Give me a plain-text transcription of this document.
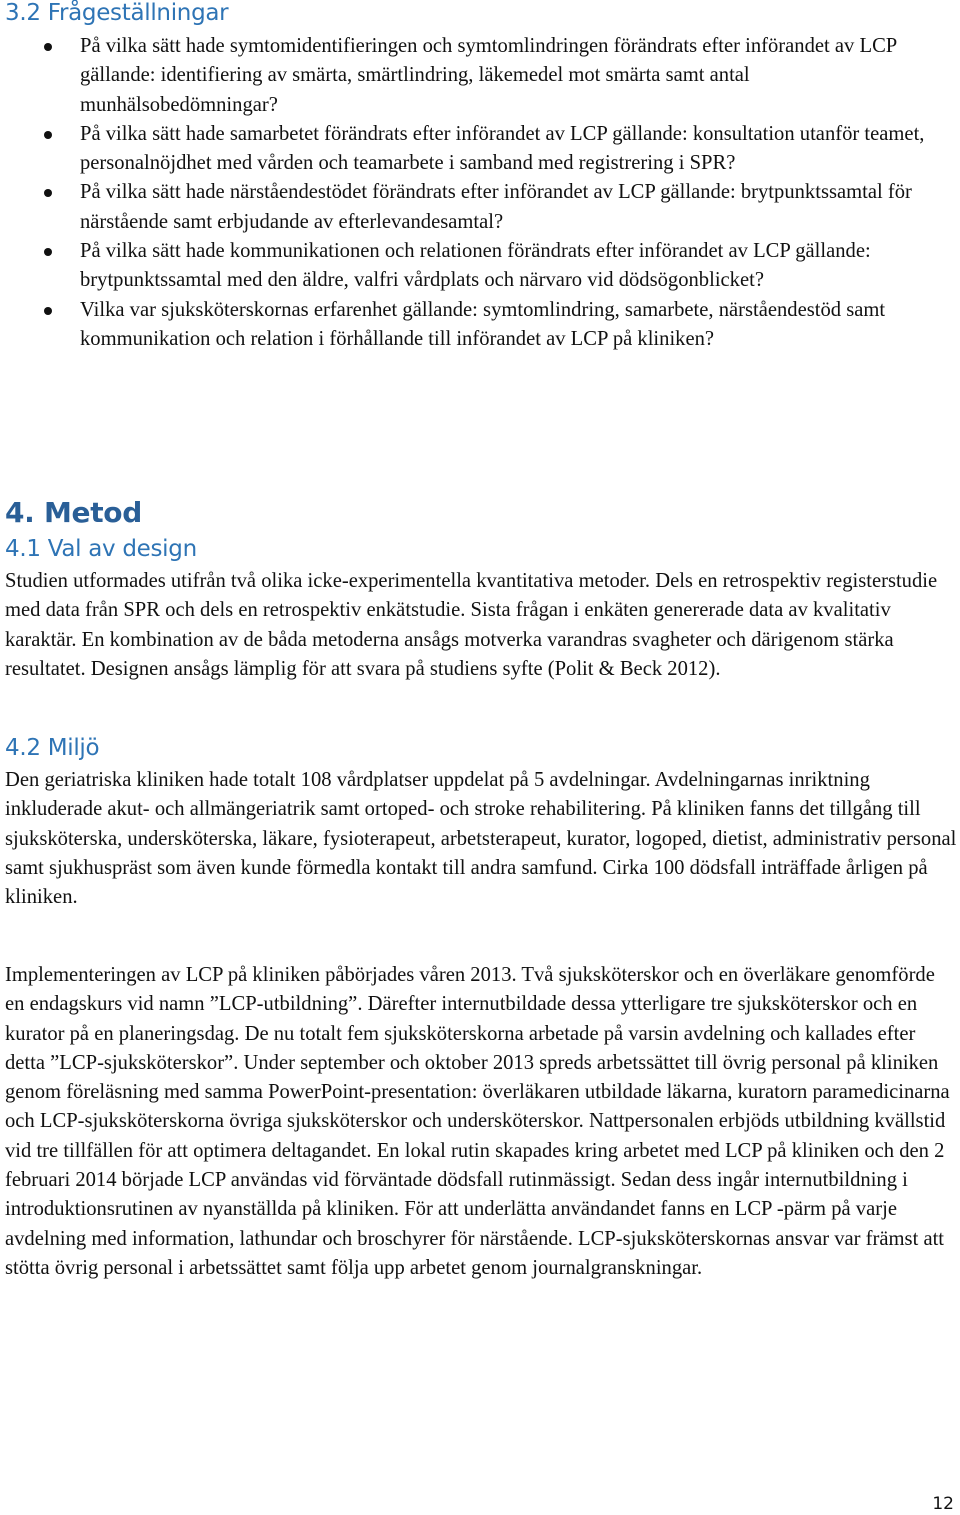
3.2 Frågeställningar
På vilka sätt hade symtomidentifieringen och symtomlindringen förändrats efter införandet av LCP gällande: identifiering av smärta, smärtlindring, läkemedel mot smärta samt antal munhälsobedömningar?
På vilka sätt hade samarbetet förändrats efter införandet av LCP gällande: konsultation utanför teamet, personalnöjdhet med vården och teamarbete i samband med registrering i SPR?
På vilka sätt hade närståendestödet förändrats efter införandet av LCP gällande: brytpunktssamtal för närstående samt erbjudande av efterlevandesamtal?
På vilka sätt hade kommunikationen och relationen förändrats efter införandet av LCP gällande: brytpunktssamtal med den äldre, valfri vårdplats och närvaro vid dödsögonblicket?
Vilka var sjuksköterskornas erfarenhet gällande: symtomlindring, samarbete, närståendestöd samt kommunikation och relation i förhållande till införandet av LCP på kliniken?
4. Metod
4.1 Val av design

Studien utformades utifrån två olika icke-experimentella kvantitativa metoder. Dels en retrospektiv registerstudie med data från SPR och dels en retrospektiv enkätstudie. Sista frågan i enkäten genererade data av kvalitativ karaktär. En kombination av de båda metoderna ansågs motverka varandras svagheter och därigenom stärka resultatet. Designen ansågs lämplig för att svara på studiens syfte (Polit & Beck 2012).

4.2 Miljö

Den geriatriska kliniken hade totalt 108 vårdplatser uppdelat på 5 avdelningar. Avdelningarnas inriktning inkluderade akut- och allmängeriatrik samt ortoped- och stroke rehabilitering. På kliniken fanns det tillgång till sjuksköterska, undersköterska, läkare, fysioterapeut, arbetsterapeut, kurator, logoped, dietist, administrativ personal samt sjukhuspräst som även kunde förmedla kontakt till andra samfund. Cirka 100 dödsfall inträffade årligen på kliniken.

Implementeringen av LCP på kliniken påbörjades våren 2013. Två sjuksköterskor och en överläkare genomförde en endagskurs vid namn ”LCP-utbildning”. Därefter internutbildade dessa ytterligare tre sjuksköterskor och en kurator på en planeringsdag. De nu totalt fem sjuksköterskorna arbetade på varsin avdelning och kallades efter detta ”LCP-sjuksköterskor”. Under september och oktober 2013 spreds arbetssättet till övrig personal på kliniken genom föreläsning med samma PowerPoint-presentation: överläkaren utbildade läkarna, kuratorn paramedicinarna och LCP-sjuksköterskorna övriga sjuksköterskor och undersköterskor. Nattpersonalen erbjöds utbildning kvällstid vid tre tillfällen för att optimera deltagandet. En lokal rutin skapades kring arbetet med LCP på kliniken och den 2 februari 2014 började LCP användas vid förväntade dödsfall rutinmässigt. Sedan dess ingår internutbildning i introduktionsrutinen av nyanställda på kliniken. För att underlätta användandet fanns en LCP -pärm på varje avdelning med information, lathundar och broschyrer för närstående. LCP-sjuksköterskornas ansvar var främst att stötta övrig personal i arbetssättet samt följa upp arbetet genom journalgranskningar.

12
